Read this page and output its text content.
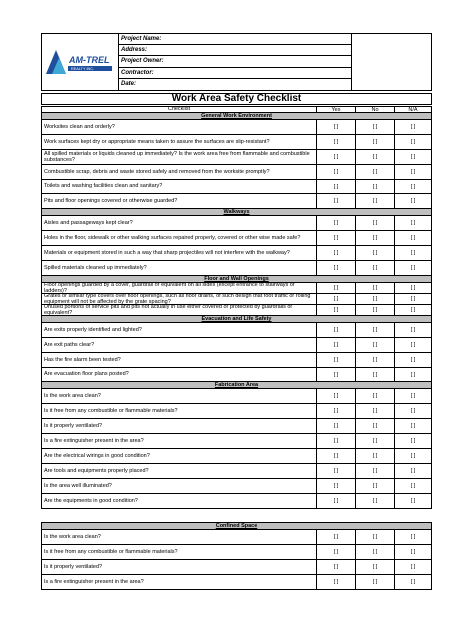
AM-TREL
REALTY INC.
Project Name:
Address:
Project Owner:
Contractor:
Date:
Work Area Safety Checklist
Checklist	Yes	No	N/A
General Work Environment
Worksites clean and orderly?	[ ]	[ ]	[ ]
Work surfaces kept dry or appropriate means taken to assure the surfaces are slip-resistant?	[ ]	[ ]	[ ]
All spilled materials or liquids cleaned up immediately? Is the work area free from flammable and combustible substances?	[ ]	[ ]	[ ]
Combustible scrap, debris and waste stored safely and removed from the worksite promptly?	[ ]	[ ]	[ ]
Toilets and washing facilities clean and sanitary?	[ ]	[ ]	[ ]
Pits and floor openings covered or otherwise guarded?	[ ]	[ ]	[ ]
Walkways
Aisles and passageways kept clear?	[ ]	[ ]	[ ]
Holes in the floor, sidewalk or other walking surfaces repaired properly, covered or other wise made safe?	[ ]	[ ]	[ ]
Materials or equipment stored in such a way that sharp projectiles will not interfere with the walkway?	[ ]	[ ]	[ ]
Spilled materials cleaned up immediately?	[ ]	[ ]	[ ]
Floor and Wall Openings
Floor openings guarded by a cover, guardrail or equivalent on all sides (except entrance to stairways or ladders)?	[ ]	[ ]	[ ]
Grates or similar type covers over floor openings, such as floor drains, of such design that foot traffic or rolling equipment will not be affected by the grate spacing?	[ ]	[ ]	[ ]
Unused portions of service pits and pits not actually in use either covered or protected by guardrails or equivalent?	[ ]	[ ]	[ ]
Evacuation and Life Safety
Are exits properly identified and lighted?	[ ]	[ ]	[ ]
Are exit paths clear?	[ ]	[ ]	[ ]
Has the fire alarm been tested?	[ ]	[ ]	[ ]
Are evacuation floor plans posted?	[ ]	[ ]	[ ]
Fabrication Area
Is the work area clean?	[ ]	[ ]	[ ]
Is it free from any combustible or flammable materials?	[ ]	[ ]	[ ]
Is it properly ventilated?	[ ]	[ ]	[ ]
Is a fire extinguisher present in the area?	[ ]	[ ]	[ ]
Are the electrical wirings in good condition?	[ ]	[ ]	[ ]
Are tools and equipments properly placed?	[ ]	[ ]	[ ]
Is the area well illuminated?	[ ]	[ ]	[ ]
Are the equipments in good condition?	[ ]	[ ]	[ ]
Confined Space
Is the work area clean?	[ ]	[ ]	[ ]
Is it free from any combustible or flammable materials?	[ ]	[ ]	[ ]
Is it properly ventilated?	[ ]	[ ]	[ ]
Is a fire extinguisher present in the area?	[ ]	[ ]	[ ]
